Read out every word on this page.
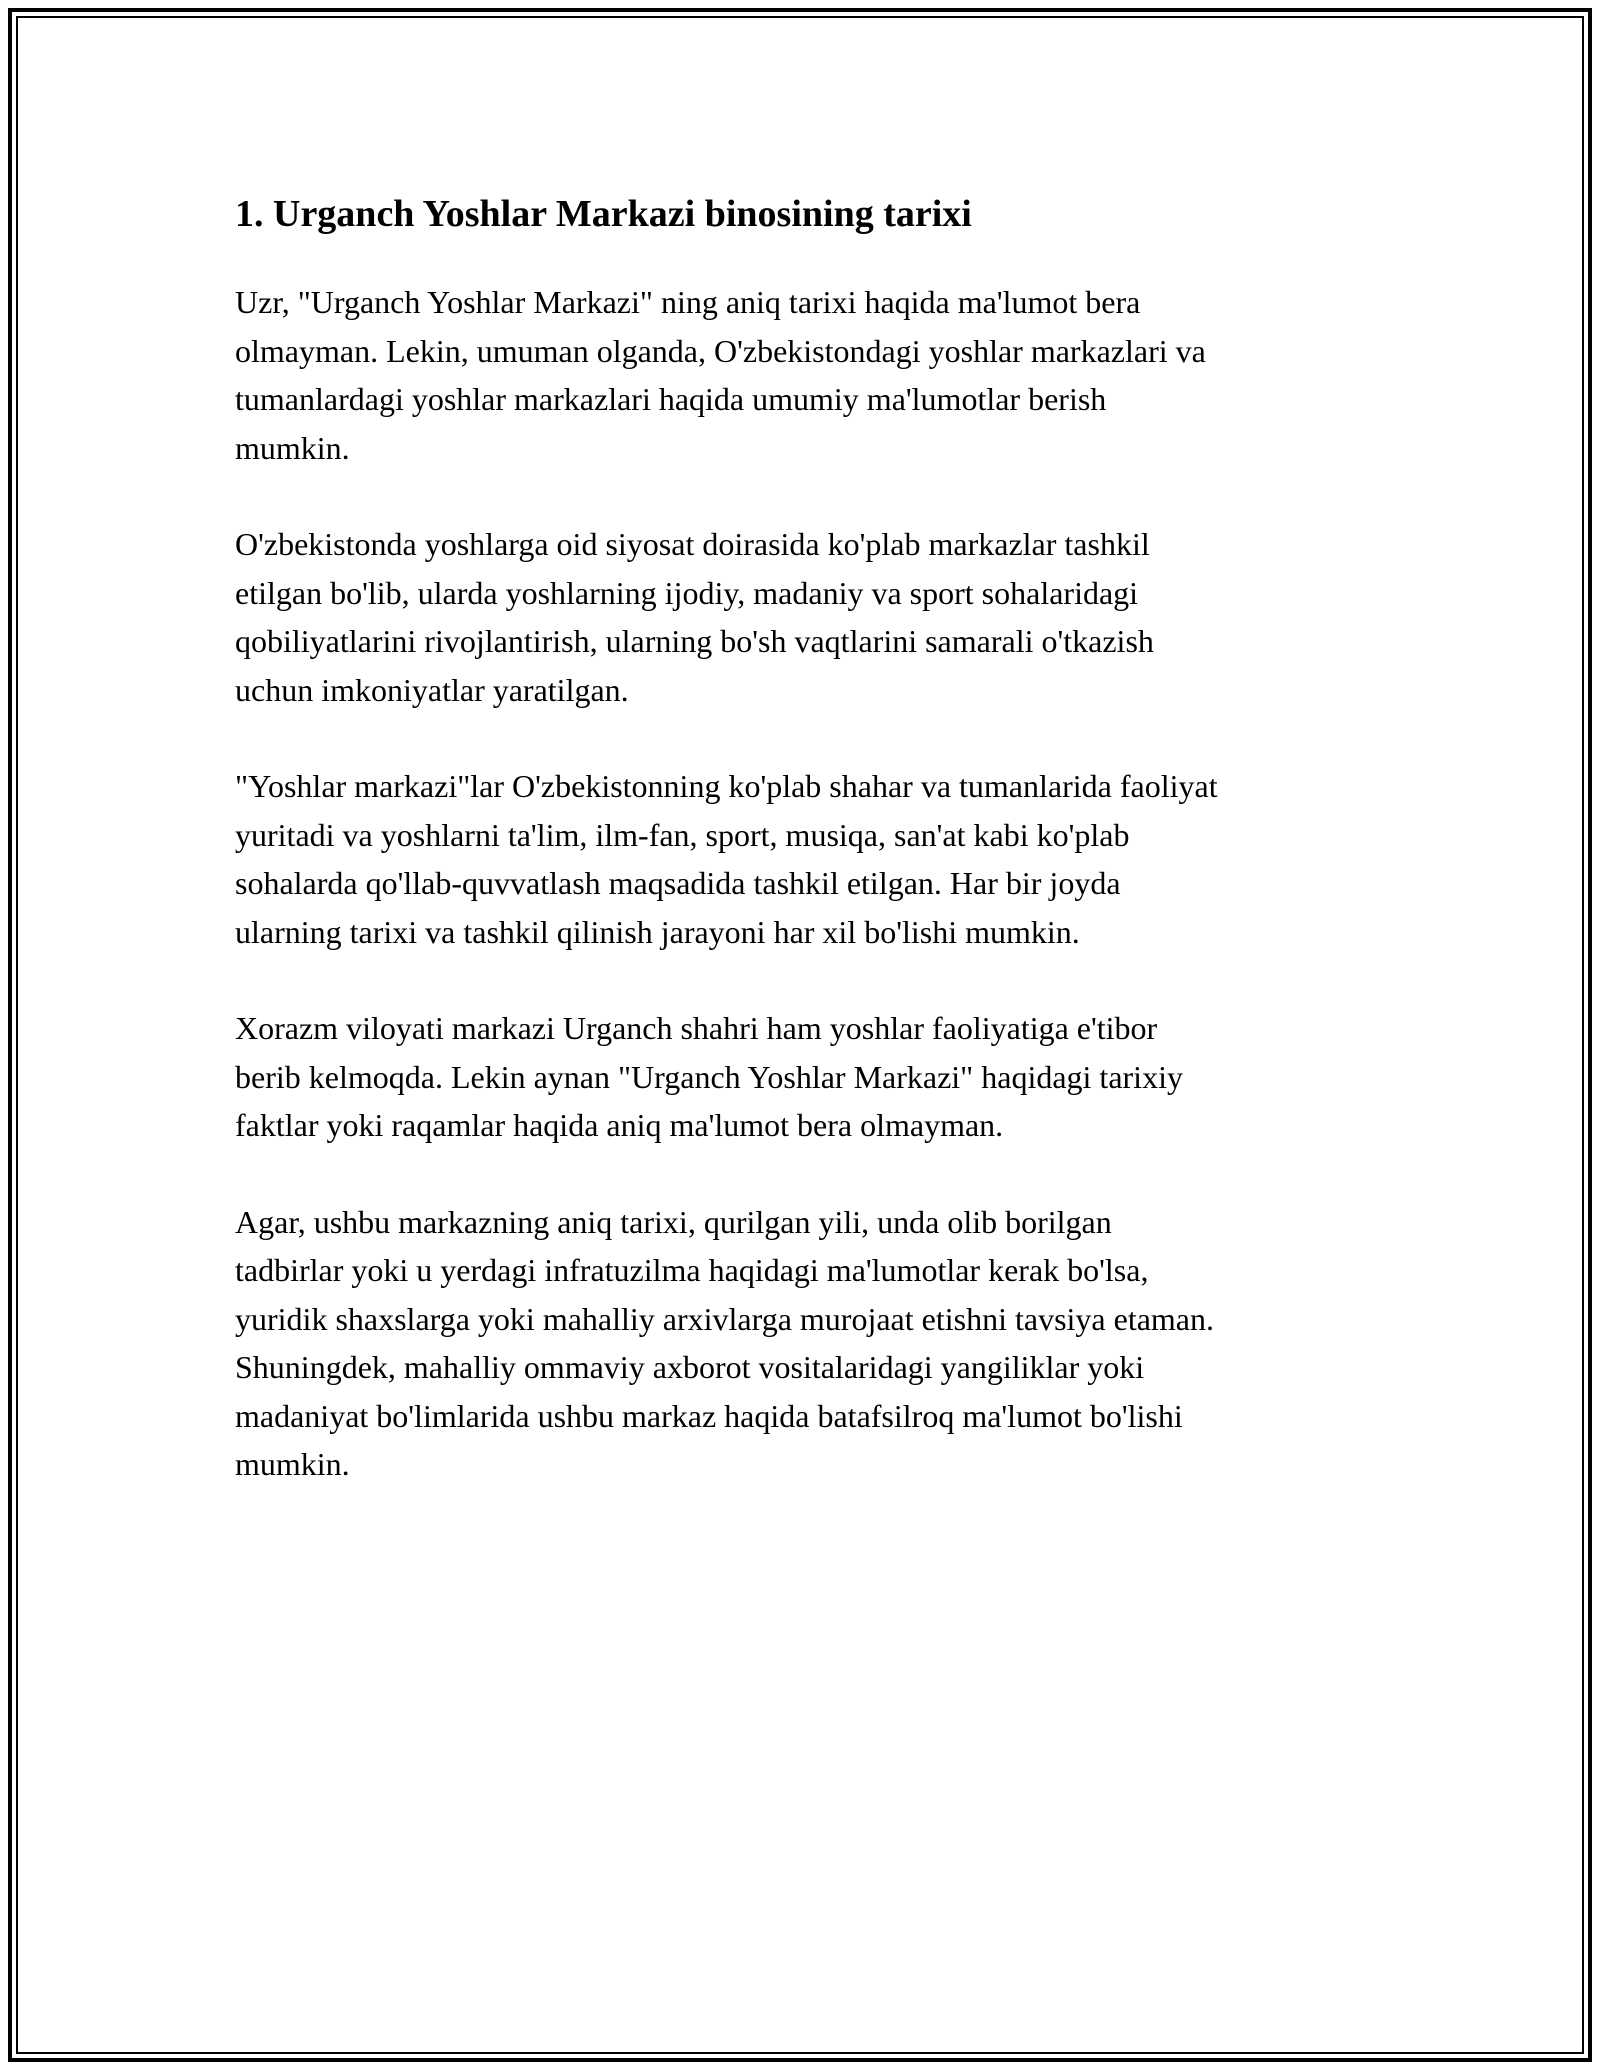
1. Urganch Yoshlar Markazi binosining tarixi

Uzr, "Urganch Yoshlar Markazi" ning aniq tarixi haqida ma'lumot bera
olmayman. Lekin, umuman olganda, O'zbekistondagi yoshlar markazlari va
tumanlardagi yoshlar markazlari haqida umumiy ma'lumotlar berish
mumkin.

O'zbekistonda yoshlarga oid siyosat doirasida ko'plab markazlar tashkil
etilgan bo'lib, ularda yoshlarning ijodiy, madaniy va sport sohalaridagi
qobiliyatlarini rivojlantirish, ularning bo'sh vaqtlarini samarali o'tkazish
uchun imkoniyatlar yaratilgan.

"Yoshlar markazi"lar O'zbekistonning ko'plab shahar va tumanlarida faoliyat
yuritadi va yoshlarni ta'lim, ilm-fan, sport, musiqa, san'at kabi ko'plab
sohalarda qo'llab-quvvatlash maqsadida tashkil etilgan. Har bir joyda
ularning tarixi va tashkil qilinish jarayoni har xil bo'lishi mumkin.

Xorazm viloyati markazi Urganch shahri ham yoshlar faoliyatiga e'tibor
berib kelmoqda. Lekin aynan "Urganch Yoshlar Markazi" haqidagi tarixiy
faktlar yoki raqamlar haqida aniq ma'lumot bera olmayman.

Agar, ushbu markazning aniq tarixi, qurilgan yili, unda olib borilgan
tadbirlar yoki u yerdagi infratuzilma haqidagi ma'lumotlar kerak bo'lsa,
yuridik shaxslarga yoki mahalliy arxivlarga murojaat etishni tavsiya etaman.
Shuningdek, mahalliy ommaviy axborot vositalaridagi yangiliklar yoki
madaniyat bo'limlarida ushbu markaz haqida batafsilroq ma'lumot bo'lishi
mumkin.
